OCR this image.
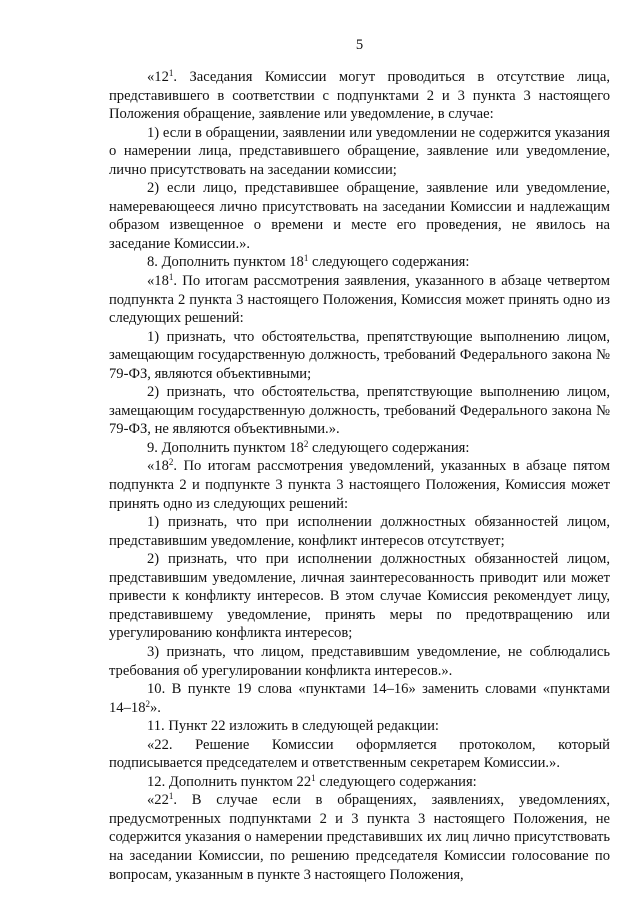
5

«$12^1$. Заседания Комиссии могут проводиться в отсутствие лица, представившего в соответствии с подпунктами 2 и 3 пункта 3 настоящего Положения обращение, заявление или уведомление, в случае:

1) если в обращении, заявлении или уведомлении не содержится указания о намерении лица, представившего обращение, заявление или уведомление, лично присутствовать на заседании комиссии;

2) если лицо, представившее обращение, заявление или уведомление, намеревающееся лично присутствовать на заседании Комиссии и надлежащим образом извещенное о времени и месте его проведения, не явилось на заседание Комиссии.».

8. Дополнить пунктом $18^1$ следующего содержания:

«$18^1$. По итогам рассмотрения заявления, указанного в абзаце четвертом подпункта 2 пункта 3 настоящего Положения, Комиссия может принять одно из следующих решений:

1) признать, что обстоятельства, препятствующие выполнению лицом, замещающим государственную должность, требований Федерального закона № 79-ФЗ, являются объективными;

2) признать, что обстоятельства, препятствующие выполнению лицом, замещающим государственную должность, требований Федерального закона № 79-ФЗ, не являются объективными.».

9. Дополнить пунктом $18^2$ следующего содержания:

«$18^2$. По итогам рассмотрения уведомлений, указанных в абзаце пятом подпункта 2 и подпункте 3 пункта 3 настоящего Положения, Комиссия может принять одно из следующих решений:

1) признать, что при исполнении должностных обязанностей лицом, представившим уведомление, конфликт интересов отсутствует;

2) признать, что при исполнении должностных обязанностей лицом, представившим уведомление, личная заинтересованность приводит или может привести к конфликту интересов. В этом случае Комиссия рекомендует лицу, представившему уведомление, принять меры по предотвращению или урегулированию конфликта интересов;

3) признать, что лицом, представившим уведомление, не соблюдались требования об урегулировании конфликта интересов.».

10. В пункте 19 слова «пунктами 14–16» заменить словами «пунктами $14-18^2$».

11. Пункт 22 изложить в следующей редакции:

«22. Решение Комиссии оформляется протоколом, который подписывается председателем и ответственным секретарем Комиссии.».

12. Дополнить пунктом $22^1$ следующего содержания:

«$22^1$. В случае если в обращениях, заявлениях, уведомлениях, предусмотренных подпунктами 2 и 3 пункта 3 настоящего Положения, не содержится указания о намерении представивших их лиц лично присутствовать на заседании Комиссии, по решению председателя Комиссии голосование по вопросам, указанным в пункте 3 настоящего Положения,
